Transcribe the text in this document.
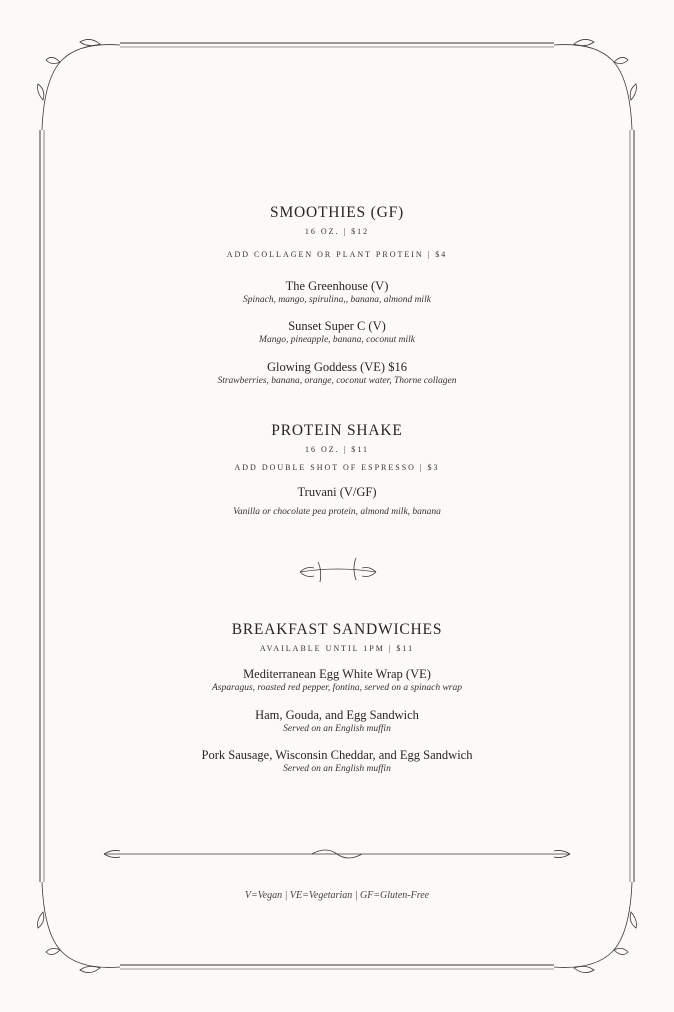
SMOOTHIES (GF)
16 OZ. | $12
ADD COLLAGEN OR PLANT PROTEIN | $4
The Greenhouse (V)
Spinach, mango, spirulina,, banana, almond milk
Sunset Super C (V)
Mango, pineapple, banana, coconut milk
Glowing Goddess (VE) $16
Strawberries, banana, orange, coconut water, Thorne collagen
PROTEIN SHAKE
16 OZ. | $11
ADD DOUBLE SHOT OF ESPRESSO | $3
Truvani (V/GF)
Vanilla or chocolate pea protein, almond milk, banana
BREAKFAST SANDWICHES
AVAILABLE UNTIL 1PM | $11
Mediterranean Egg White Wrap (VE)
Asparagus, roasted red pepper, fontina, served on a spinach wrap
Ham, Gouda, and Egg Sandwich
Served on an English muffin
Pork Sausage, Wisconsin Cheddar, and Egg Sandwich
Served on an English muffin
V=Vegan | VE=Vegetarian | GF=Gluten-Free
